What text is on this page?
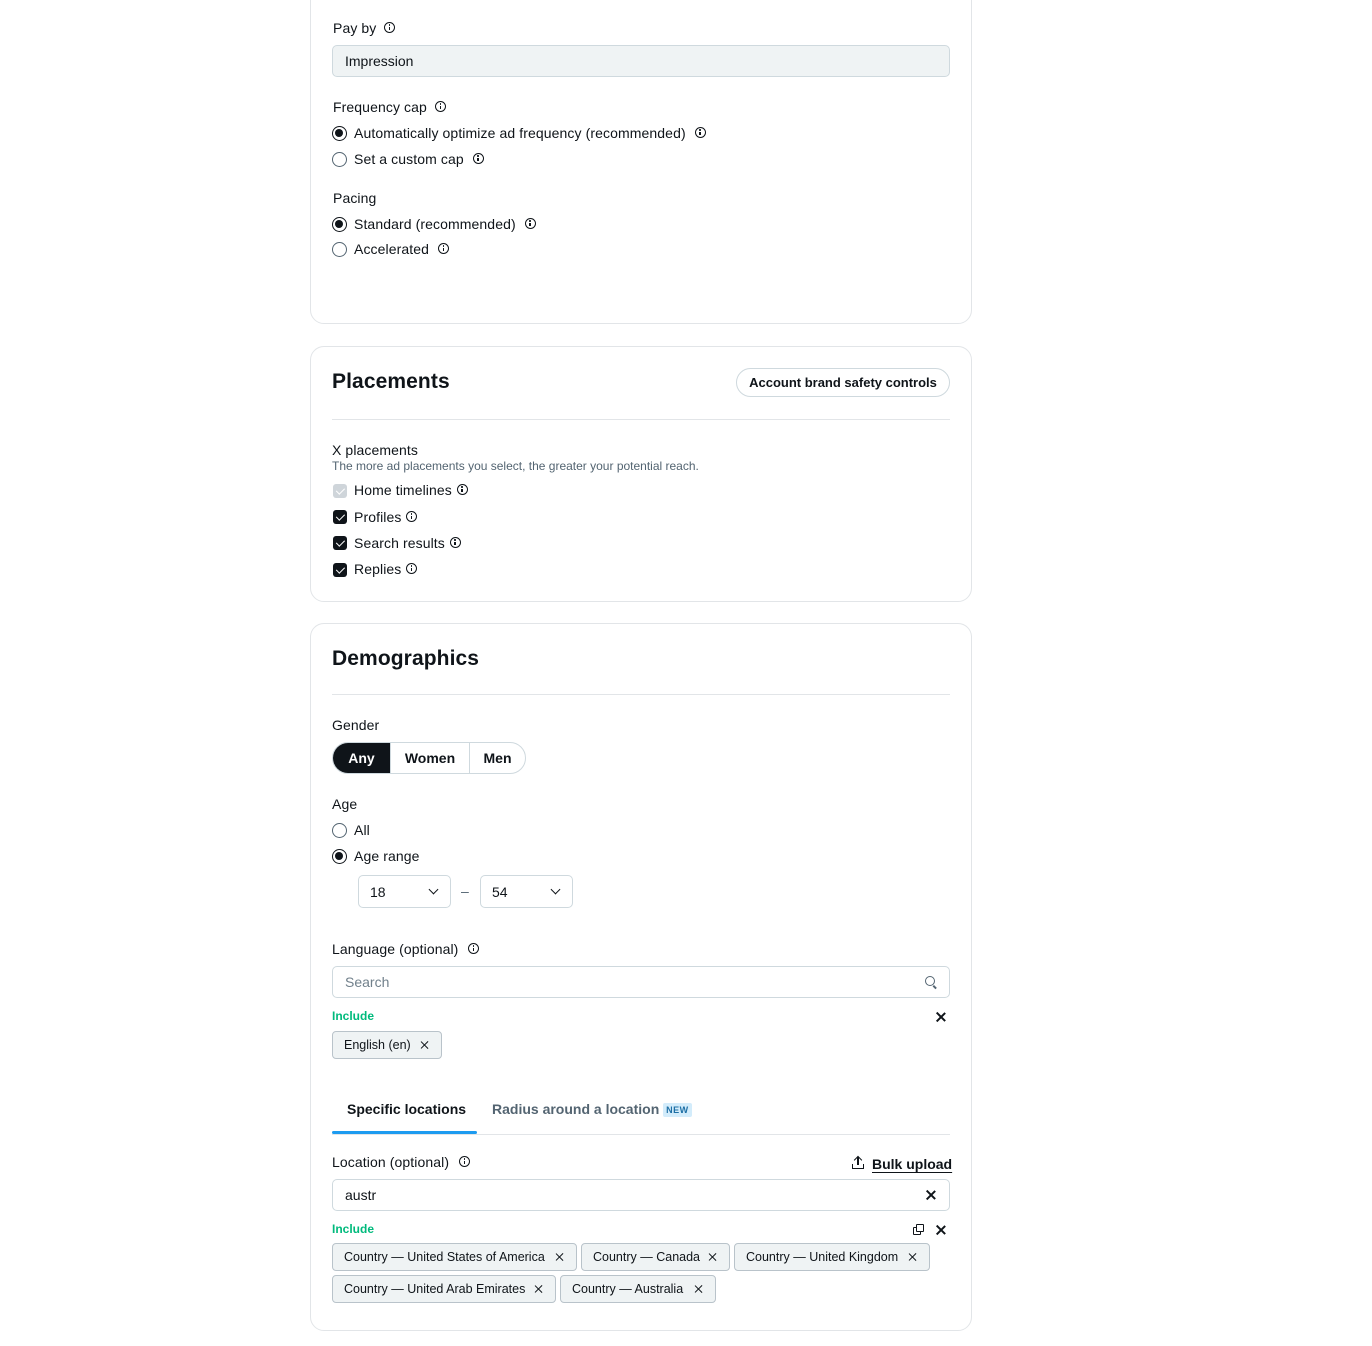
Pay by
Impression
Frequency cap
Automatically optimize ad frequency (recommended)
Set a custom cap
Pacing
Standard (recommended)
Accelerated
Placements	Account brand safety controls
X placements
The more ad placements you select, the greater your potential reach.
Home timelines
Profiles
Search results
Replies
Demographics
Gender
Any	Women	Men
Age
All
Age range
18	– 54
Language (optional)
Search
Include
English (en)
Specific locations Radius around a location NEW
Location (optional)	Bulk upload
austr
Include
Country — United States of America	Country — Canada	Country — United Kingdom
Country — United Arab Emirates	Country — Australia
